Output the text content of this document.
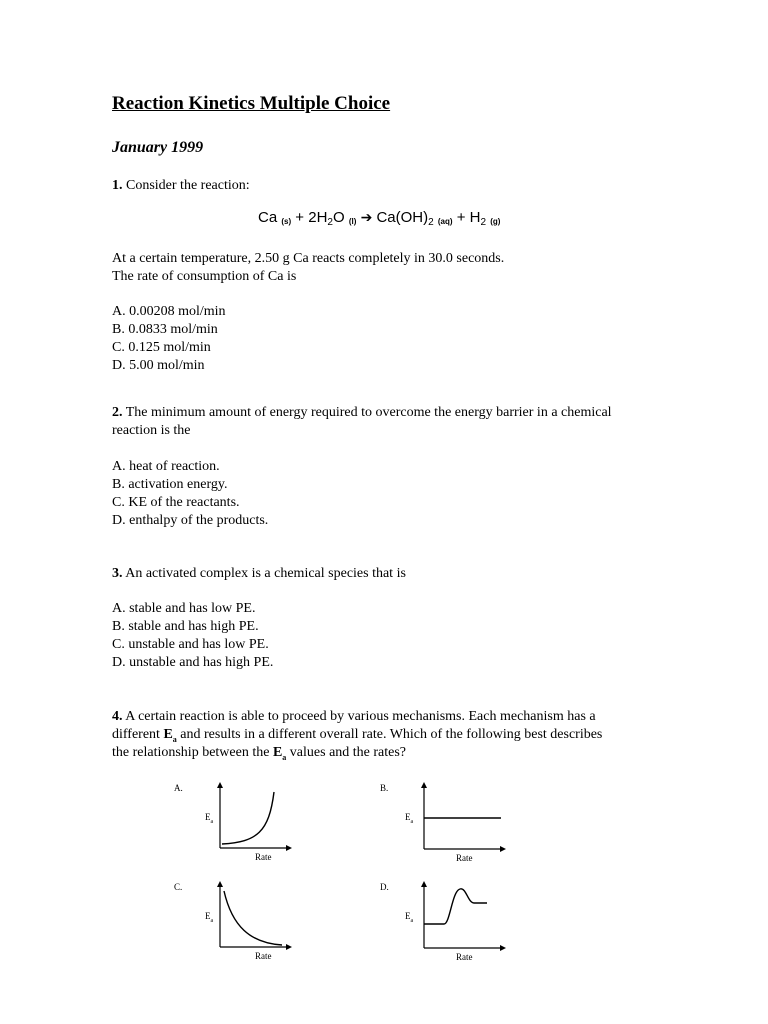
Reaction Kinetics Multiple Choice
January 1999
1. Consider the reaction:
Ca $_{(s)} + 2H_2O$ $_{(l)}$ ➔ $Ca(OH)_2$ $_{(aq)} + H_2$ $_{(g)}$
At a certain temperature, 2.50 g Ca reacts completely in 30.0 seconds.
The rate of consumption of Ca is
A. 0.00208 mol/min
B. 0.0833 mol/min
C. 0.125 mol/min
D. 5.00 mol/min
2. The minimum amount of energy required to overcome the energy barrier in a chemical
reaction is the
A. heat of reaction.
B. activation energy.
C. KE of the reactants.
D. enthalpy of the products.
3. An activated complex is a chemical species that is
A. stable and has low PE.
B. stable and has high PE.
C. unstable and has low PE.
D. unstable and has high PE.
4. A certain reaction is able to proceed by various mechanisms. Each mechanism has a
different $E_a$ and results in a different overall rate. Which of the following best describes
the relationship between the $E_a$ values and the rates?
A.
$E_a$
Rate
B.
$E_a$
Rate
C.
$E_a$
Rate
D.
$E_a$
Rate
